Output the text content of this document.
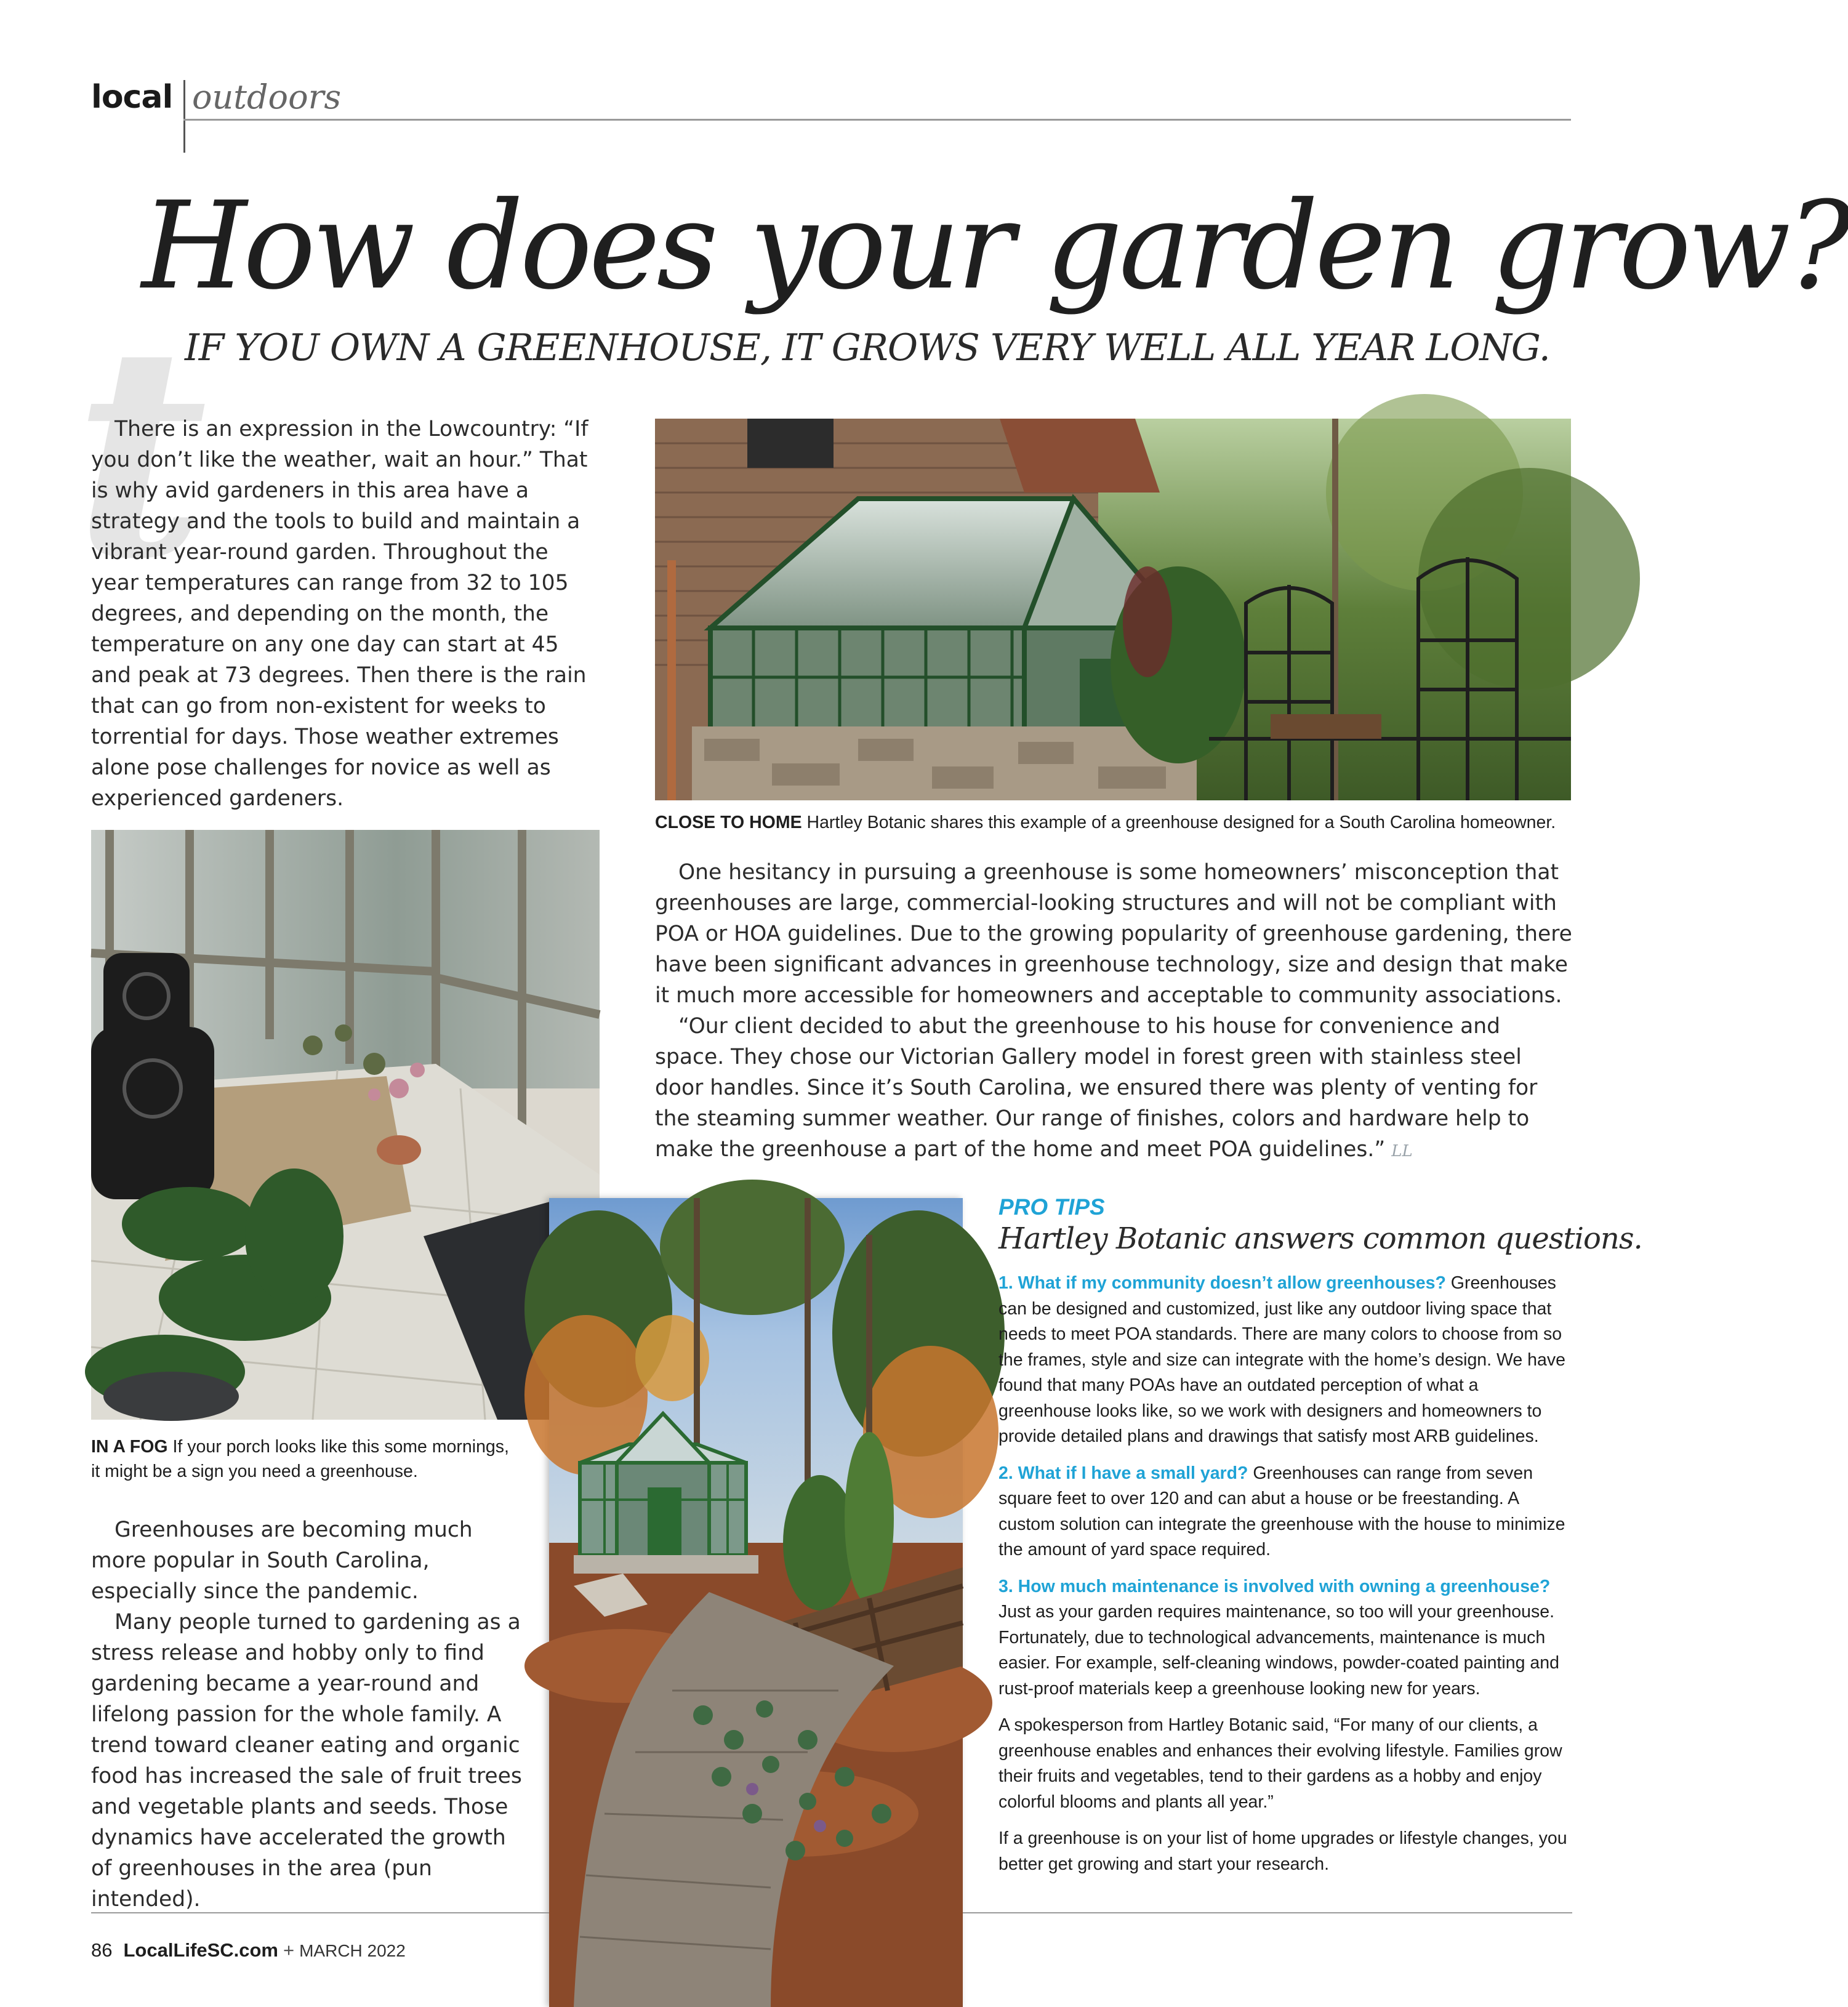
local outdoors
t
How does your garden grow?
IF YOU OWN A GREENHOUSE, IT GROWS VERY WELL ALL YEAR LONG.

There is an expression in the Lowcountry: “If you don’t like the weather, wait an hour.” That is why avid gardeners in this area have a strategy and the tools to build and maintain a vibrant year-round garden. Throughout the year temperatures can range from 32 to 105 degrees, and depending on the month, the temperature on any one day can start at 45 and peak at 73 degrees. Then there is the rain that can go from non-existent for weeks to torrential for days. Those weather extremes alone pose challenges for novice as well as experienced gardeners.

CLOSE TO HOME Hartley Botanic shares this example of a greenhouse designed for a South Carolina homeowner.

One hesitancy in pursuing a greenhouse is some homeowners’ misconception that greenhouses are large, commercial-looking structures and will not be compliant with POA or HOA guidelines. Due to the growing popularity of greenhouse gardening, there have been significant advances in greenhouse technology, size and design that make it much more accessible for homeowners and acceptable to community associations.

“Our client decided to abut the greenhouse to his house for convenience and space. They chose our Victorian Gallery model in forest green with stainless steel door handles. Since it’s South Carolina, we ensured there was plenty of venting for the steaming summer weather. Our range of finishes, colors and hardware help to make the greenhouse a part of the home and meet POA guidelines.” LL

IN A FOG If your porch looks like this some mornings, it might be a sign you need a greenhouse.

Greenhouses are becoming much more popular in South Carolina, especially since the pandemic.

Many people turned to gardening as a stress release and hobby only to find gardening became a year-round and lifelong passion for the whole family. A trend toward cleaner eating and organic food has increased the sale of fruit trees and vegetable plants and seeds. Those dynamics have accelerated the growth of greenhouses in the area (pun intended).

PRO TIPS
Hartley Botanic answers common questions.

1. What if my community doesn’t allow greenhouses? Greenhouses can be designed and customized, just like any outdoor living space that needs to meet POA standards. There are many colors to choose from so the frames, style and size can integrate with the home’s design. We have found that many POAs have an outdated perception of what a greenhouse looks like, so we work with designers and homeowners to provide detailed plans and drawings that satisfy most ARB guidelines.

2. What if I have a small yard? Greenhouses can range from seven square feet to over 120 and can abut a house or be freestanding. A custom solution can integrate the greenhouse with the house to minimize the amount of yard space required.

3. How much maintenance is involved with owning a greenhouse? Just as your garden requires maintenance, so too will your greenhouse. Fortunately, due to technological advancements, maintenance is much easier. For example, self-cleaning windows, powder-coated painting and rust-proof materials keep a greenhouse looking new for years.

A spokesperson from Hartley Botanic said, “For many of our clients, a greenhouse enables and enhances their evolving lifestyle. Families grow their fruits and vegetables, tend to their gardens as a hobby and enjoy colorful blooms and plants all year.”

If a greenhouse is on your list of home upgrades or lifestyle changes, you better get growing and start your research.

86 LocalLifeSC.com + MARCH 2022
